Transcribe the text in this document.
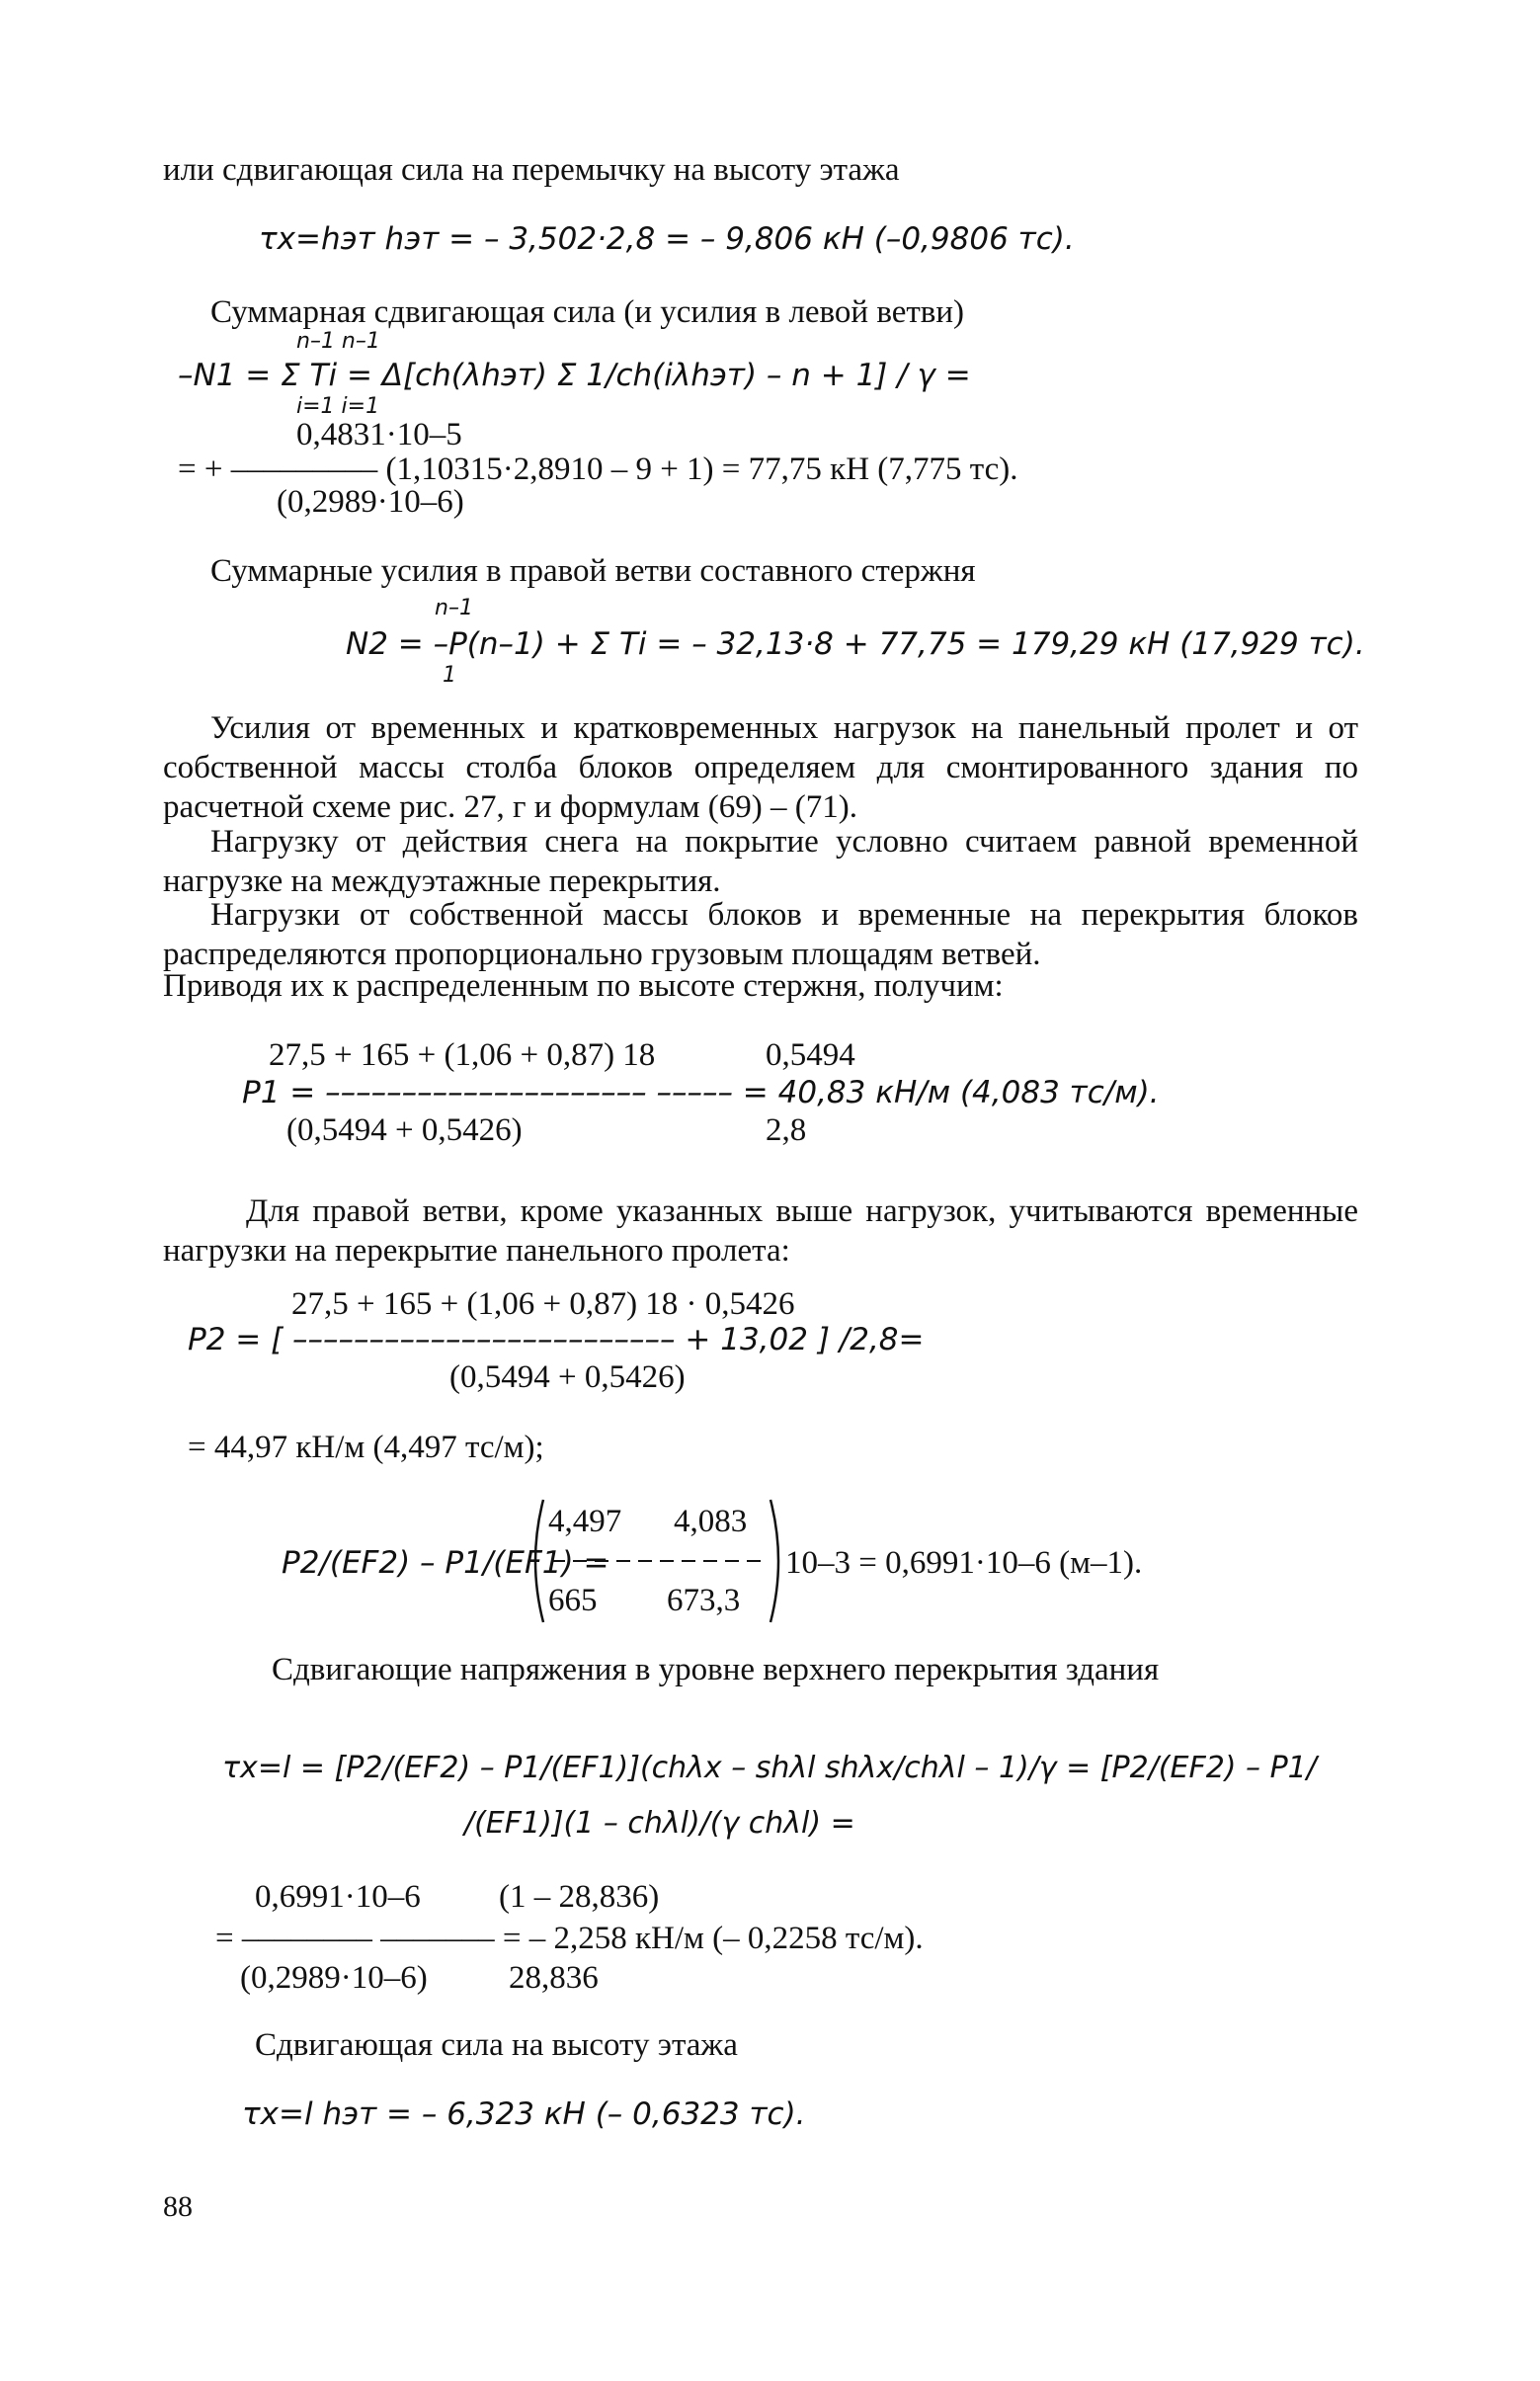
или сдвигающая сила на перемычку на высоту этажа
τx=hэт hэт = – 3,502·2,8 = – 9,806 кН (–0,9806 тс).
Суммарная сдвигающая сила (и усилия в левой ветви)
n–1 n–1
–N1 = Σ Ti = Δ[ch(λhэт) Σ 1/ch(iλhэт) – n + 1] / γ =
i=1 i=1
0,4831·10–5
= + ––––––––– (1,10315·2,8910 – 9 + 1) = 77,75 кН (7,775 тс).
(0,2989·10–6)
Суммарные усилия в правой ветви составного стержня
n–1
N2 = –P(n–1) + Σ Ti = – 32,13·8 + 77,75 = 179,29 кН (17,929 тс).
1
Усилия от временных и кратковременных нагрузок на панельный пролет и от собственной массы столба блоков определяем для смонтированного здания по расчетной схеме рис. 27, г и формулам (69) – (71).
Нагрузку от действия снега на покрытие условно считаем равной временной нагрузке на междуэтажные перекрытия.
Нагрузки от собственной массы блоков и временные на перекрытия блоков распределяются пропорционально грузовым площадям ветвей.
Приводя их к распределенным по высоте стержня, получим:
27,5 + 165 + (1,06 + 0,87) 18	0,5494
P1 = ––––––––––––––––––––– ––––– = 40,83 кН/м (4,083 тс/м).
(0,5494 + 0,5426)	2,8
Для правой ветви, кроме указанных выше нагрузок, учитываются временные нагрузки на перекрытие панельного пролета:
27,5 + 165 + (1,06 + 0,87) 18 · 0,5426
P2 = [ ––––––––––––––––––––––––– + 13,02 ] /2,8=
(0,5494 + 0,5426)
= 44,97 кН/м (4,497 тс/м);
P2/(EF2) – P1/(EF1) =
4,497 4,083
665 673,3
10–3 = 0,6991·10–6 (м–1).
Сдвигающие напряжения в уровне верхнего перекрытия здания
τx=l = [P2/(EF2) – P1/(EF1)](chλx – shλl shλx/chλl – 1)/γ = [P2/(EF2) – P1/
/(EF1)](1 – chλl)/(γ chλl) =
0,6991·10–6 (1 – 28,836)
= –––––––– ––––––– = – 2,258 кН/м (– 0,2258 тс/м).
(0,2989·10–6) 28,836
Сдвигающая сила на высоту этажа
τx=l hэт = – 6,323 кН (– 0,6323 тс).
88
